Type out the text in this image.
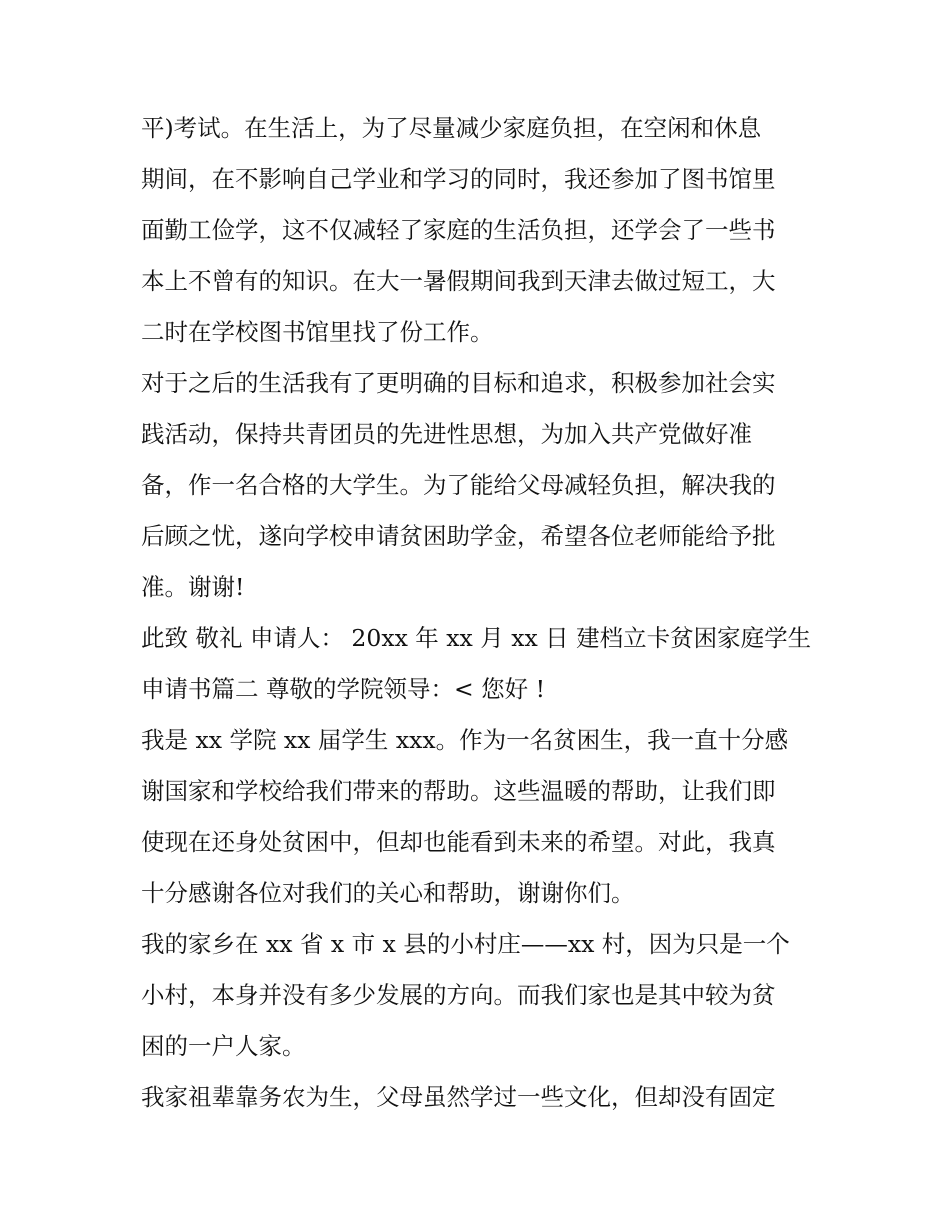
平)考试。在生活上，为了尽量减少家庭负担，在空闲和休息
期间，在不影响自己学业和学习的同时，我还参加了图书馆里
面勤工俭学，这不仅减轻了家庭的生活负担，还学会了一些书
本上不曾有的知识。在大一暑假期间我到天津去做过短工，大
二时在学校图书馆里找了份工作。
对于之后的生活我有了更明确的目标和追求，积极参加社会实
践活动，保持共青团员的先进性思想，为加入共产党做好准
备，作一名合格的大学生。为了能给父母减轻负担，解决我的
后顾之忧，遂向学校申请贫困助学金，希望各位老师能给予批
准。谢谢!
此致 敬礼 申请人： 20xx 年 xx 月 xx 日 建档立卡贫困家庭学生
申请书篇二 尊敬的学院领导：< 您好 !
我是 xx 学院 xx 届学生 xxx。作为一名贫困生，我一直十分感
谢国家和学校给我们带来的帮助。这些温暖的帮助，让我们即
使现在还身处贫困中，但却也能看到未来的希望。对此，我真
十分感谢各位对我们的关心和帮助，谢谢你们。
我的家乡在 xx 省 x 市 x 县的小村庄——xx 村，因为只是一个
小村，本身并没有多少发展的方向。而我们家也是其中较为贫
困的一户人家。
我家祖辈靠务农为生，父母虽然学过一些文化，但却没有固定
